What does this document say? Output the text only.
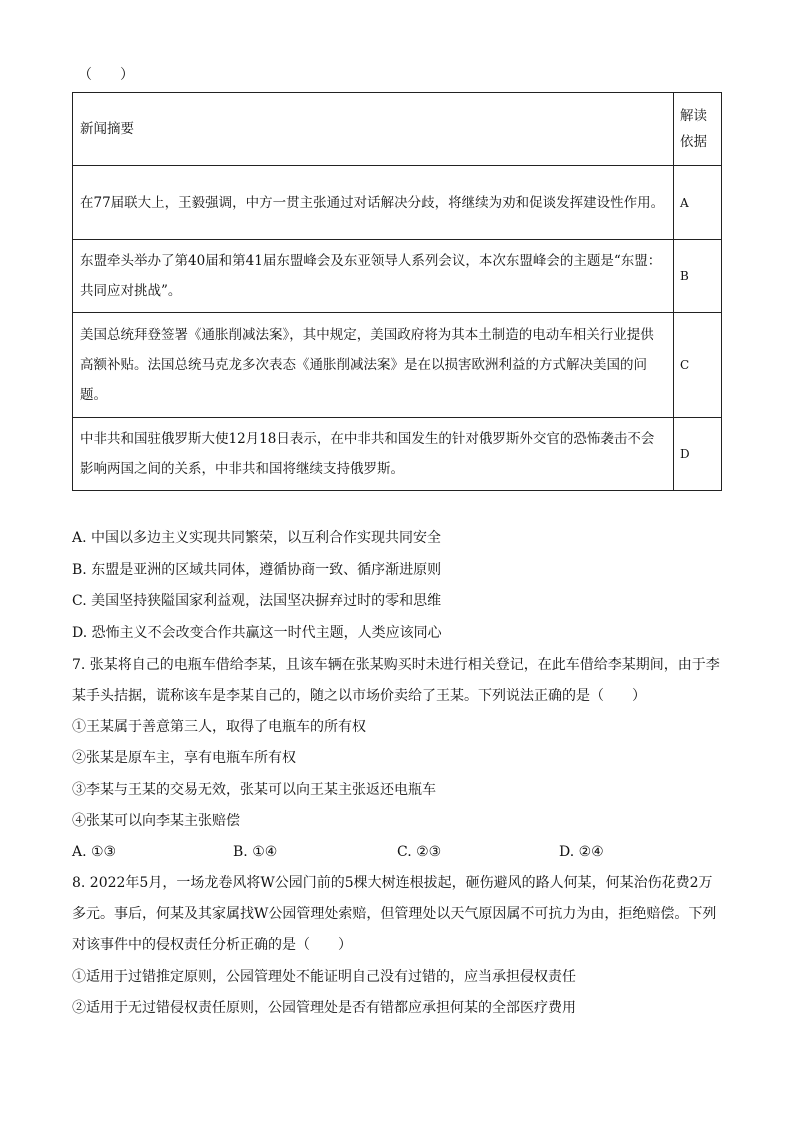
（　　）
新闻摘要	解读
依据
在77届联大上，王毅强调，中方一贯主张通过对话解决分歧，将继续为劝和促谈发挥建设性作用。	A
东盟牵头举办了第40届和第41届东盟峰会及东亚领导人系列会议，本次东盟峰会的主题是“东盟：共同应对挑战”。	B
美国总统拜登签署《通胀削减法案》，其中规定，美国政府将为其本土制造的电动车相关行业提供高额补贴。法国总统马克龙多次表态《通胀削减法案》是在以损害欧洲利益的方式解决美国的问题。	C
中非共和国驻俄罗斯大使12月18日表示，在中非共和国发生的针对俄罗斯外交官的恐怖袭击不会影响两国之间的关系，中非共和国将继续支持俄罗斯。	D
A. 中国以多边主义实现共同繁荣，以互利合作实现共同安全
B. 东盟是亚洲的区域共同体，遵循协商一致、循序渐进原则
C. 美国坚持狭隘国家利益观，法国坚决摒弃过时的零和思维
D. 恐怖主义不会改变合作共赢这一时代主题，人类应该同心
7. 张某将自己的电瓶车借给李某，且该车辆在张某购买时未进行相关登记，在此车借给李某期间，由于李
某手头拮据，谎称该车是李某自己的，随之以市场价卖给了王某。下列说法正确的是（　　）
①王某属于善意第三人，取得了电瓶车的所有权
②张某是原车主，享有电瓶车所有权
③李某与王某的交易无效，张某可以向王某主张返还电瓶车
④张某可以向李某主张赔偿
A. ①③	B. ①④	C. ②③	D. ②④
8. 2022年5月，一场龙卷风将W公园门前的5棵大树连根拔起，砸伤避风的路人何某，何某治伤花费2万
多元。事后，何某及其家属找W公园管理处索赔，但管理处以天气原因属不可抗力为由，拒绝赔偿。下列
对该事件中的侵权责任分析正确的是（　　）
①适用于过错推定原则，公园管理处不能证明自己没有过错的，应当承担侵权责任
②适用于无过错侵权责任原则，公园管理处是否有错都应承担何某的全部医疗费用
